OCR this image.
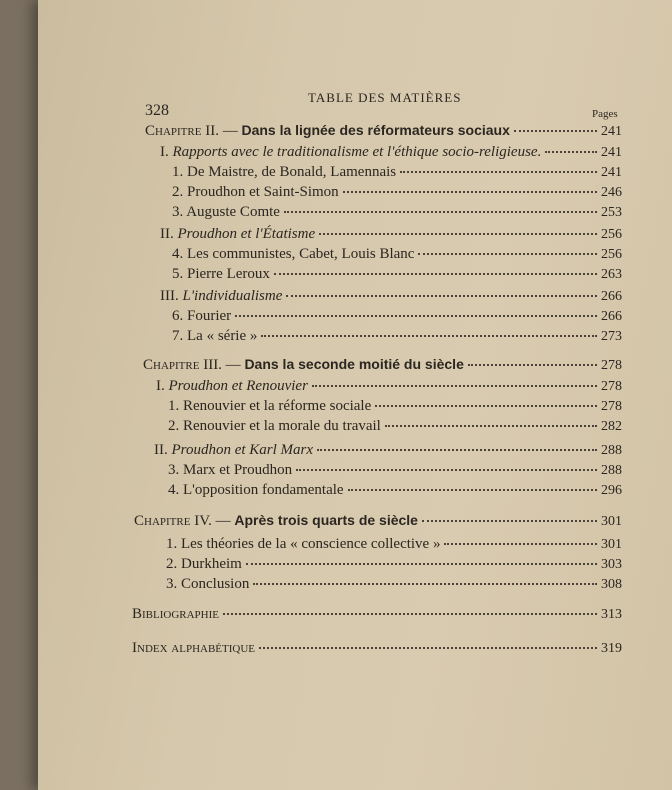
328
TABLE DES MATIÈRES
Pages
Chapitre II. — Dans la lignée des réformateurs sociaux	241
I. Rapports avec le traditionalisme et l'éthique socio-religieuse.	241
1. De Maistre, de Bonald, Lamennais	241
2. Proudhon et Saint-Simon	246
3. Auguste Comte	253
II. Proudhon et l'Étatisme	256
4. Les communistes, Cabet, Louis Blanc	256
5. Pierre Leroux	263
III. L'individualisme	266
6. Fourier	266
7. La « série »	273
Chapitre III. — Dans la seconde moitié du siècle	278
I. Proudhon et Renouvier	278
1. Renouvier et la réforme sociale	278
2. Renouvier et la morale du travail	282
II. Proudhon et Karl Marx	288
3. Marx et Proudhon	288
4. L'opposition fondamentale	296
Chapitre IV. — Après trois quarts de siècle	301
1. Les théories de la « conscience collective »	301
2. Durkheim	303
3. Conclusion	308
Bibliographie	313
Index alphabétique	319
